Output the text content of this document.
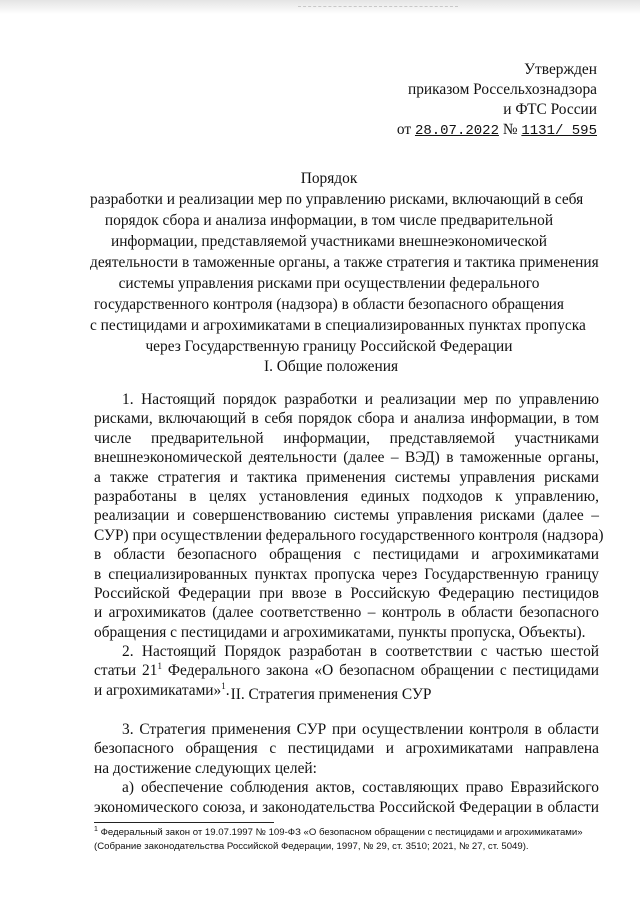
Утвержден
приказом Россельхознадзора
и ФТС России
от 28.07.2022 № 1131/ 595
Порядок
разработки и реализации мер по управлению рисками, включающий в себя
порядок сбора и анализа информации, в том числе предварительной
информации, представляемой участниками внешнеэкономической
деятельности в таможенные органы, а также стратегия и тактика применения
системы управления рисками при осуществлении федерального
государственного контроля (надзора) в области безопасного обращения
с пестицидами и агрохимикатами в специализированных пунктах пропуска
через Государственную границу Российской Федерации
I. Общие положения
1. Настоящий порядок разработки и реализации мер по управлению
рисками, включающий в себя порядок сбора и анализа информации, в том
числе предварительной информации, представляемой участниками
внешнеэкономической деятельности (далее – ВЭД) в таможенные органы,
а также стратегия и тактика применения системы управления рисками
разработаны в целях установления единых подходов к управлению,
реализации и совершенствованию системы управления рисками (далее –
СУР) при осуществлении федерального государственного контроля (надзора)
в области безопасного обращения с пестицидами и агрохимикатами
в специализированных пунктах пропуска через Государственную границу
Российской Федерации при ввозе в Российскую Федерацию пестицидов
и агрохимикатов (далее соответственно – контроль в области безопасного
обращения с пестицидами и агрохимикатами, пункты пропуска, Объекты).
2. Настоящий Порядок разработан в соответствии с частью шестой
статьи $21^1$ Федерального закона «О безопасном обращении с пестицидами
и агрохимикатами»$^1$. II. Стратегия применения СУР
3. Стратегия применения СУР при осуществлении контроля в области
безопасного обращения с пестицидами и агрохимикатами направлена
на достижение следующих целей:
а) обеспечение соблюдения актов, составляющих право Евразийского
экономического союза, и законодательства Российской Федерации в области
$^1$ Федеральный закон от 19.07.1997 № 109-ФЗ «О безопасном обращении с пестицидами и агрохимикатами»
(Собрание законодательства Российской Федерации, 1997, № 29, ст. 3510; 2021, № 27, ст. 5049).
